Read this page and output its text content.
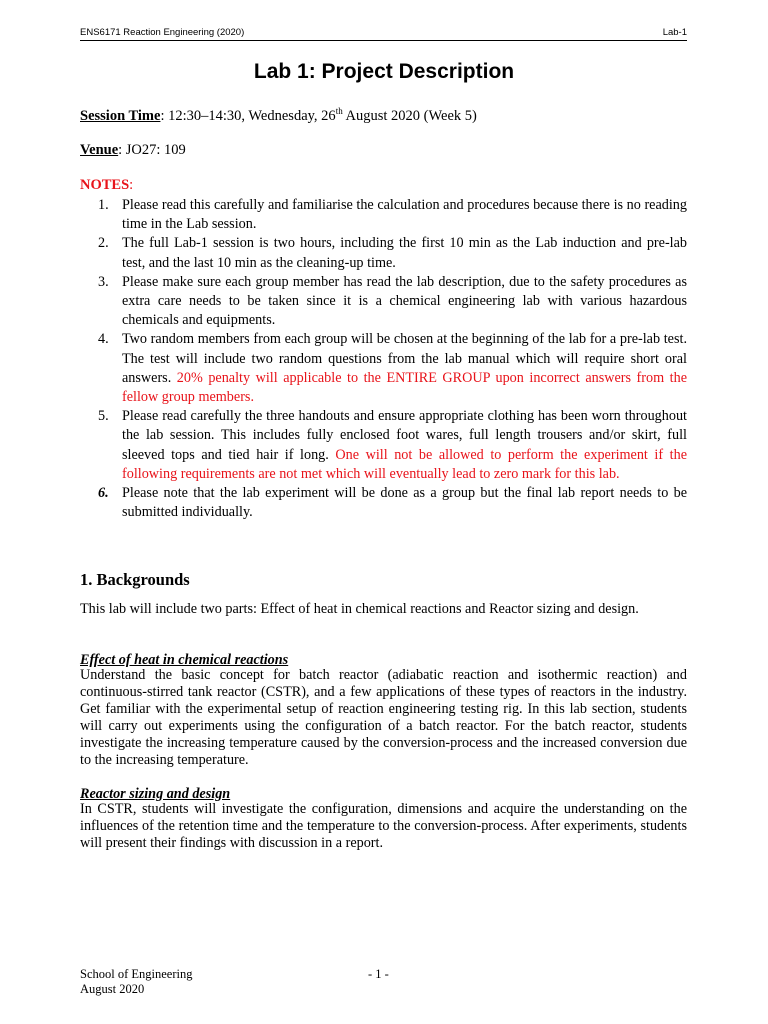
ENS6171 Reaction Engineering (2020)	Lab-1
Lab 1: Project Description
Session Time: 12:30–14:30, Wednesday, 26th August 2020 (Week 5)
Venue: JO27: 109
NOTES:
1. Please read this carefully and familiarise the calculation and procedures because there is no reading time in the Lab session.
2. The full Lab-1 session is two hours, including the first 10 min as the Lab induction and pre-lab test, and the last 10 min as the cleaning-up time.
3. Please make sure each group member has read the lab description, due to the safety procedures as extra care needs to be taken since it is a chemical engineering lab with various hazardous chemicals and equipments.
4. Two random members from each group will be chosen at the beginning of the lab for a pre-lab test. The test will include two random questions from the lab manual which will require short oral answers. 20% penalty will applicable to the ENTIRE GROUP upon incorrect answers from the fellow group members.
5. Please read carefully the three handouts and ensure appropriate clothing has been worn throughout the lab session. This includes fully enclosed foot wares, full length trousers and/or skirt, full sleeved tops and tied hair if long. One will not be allowed to perform the experiment if the following requirements are not met which will eventually lead to zero mark for this lab.
6. Please note that the lab experiment will be done as a group but the final lab report needs to be submitted individually.
1. Backgrounds
This lab will include two parts: Effect of heat in chemical reactions and Reactor sizing and design.
Effect of heat in chemical reactions
Understand the basic concept for batch reactor (adiabatic reaction and isothermic reaction) and continuous-stirred tank reactor (CSTR), and a few applications of these types of reactors in the industry. Get familiar with the experimental setup of reaction engineering testing rig. In this lab section, students will carry out experiments using the configuration of a batch reactor. For the batch reactor, students investigate the increasing temperature caused by the conversion-process and the increased conversion due to the increasing temperature.
Reactor sizing and design
In CSTR, students will investigate the configuration, dimensions and acquire the understanding on the influences of the retention time and the temperature to the conversion-process. After experiments, students will present their findings with discussion in a report.
School of Engineering
August 2020
- 1 -
